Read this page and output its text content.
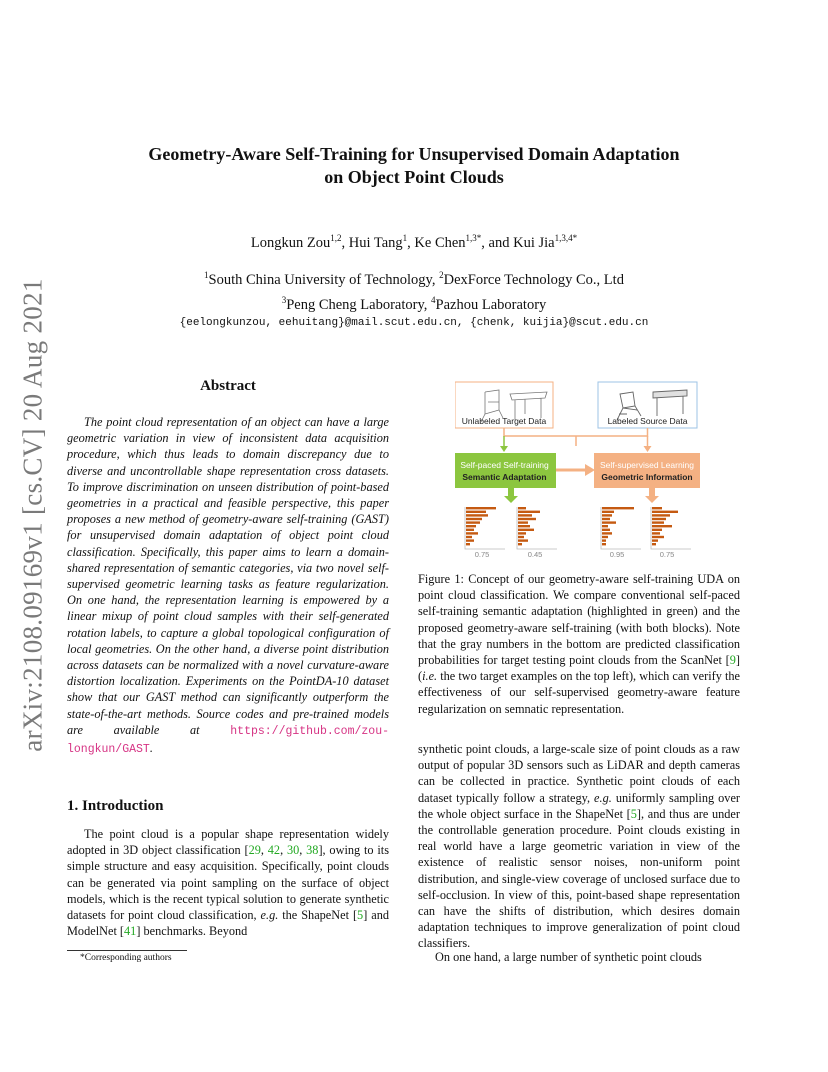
arXiv:2108.09169v1 [cs.CV] 20 Aug 2021
Geometry-Aware Self-Training for Unsupervised Domain Adaptation
on Object Point Clouds
Longkun Zou$^{1,2}$, Hui Tang$^1$, Ke Chen$^{1,3*}$, and Kui Jia$^{1,3,4*}$
$^1$South China University of Technology, $^2$DexForce Technology Co., Ltd
$^3$Peng Cheng Laboratory, $^4$Pazhou Laboratory
{eelongkunzou, eehuitang}@mail.scut.edu.cn, {chenk, kuijia}@scut.edu.cn
Abstract
The point cloud representation of an object can have a large geometric variation in view of inconsistent data acquisition procedure, which thus leads to domain discrepancy due to diverse and uncontrollable shape representation cross datasets. To improve discrimination on unseen distribution of point-based geometries in a practical and feasible perspective, this paper proposes a new method of geometry-aware self-training (GAST) for unsupervised domain adaptation of object point cloud classification. Specifically, this paper aims to learn a domain-shared representation of semantic categories, via two novel self-supervised geometric learning tasks as feature regularization. On one hand, the representation learning is empowered by a linear mixup of point cloud samples with their self-generated rotation labels, to capture a global topological configuration of local geometries. On the other hand, a diverse point distribution across datasets can be normalized with a novel curvature-aware distortion localization. Experiments on the PointDA-10 dataset show that our GAST method can significantly outperform the state-of-the-art methods. Source codes and pre-trained models are available at https://github.com/zou-longkun/GAST.
1. Introduction
The point cloud is a popular shape representation widely adopted in 3D object classification [29, 42, 30, 38], owing to its simple structure and easy acquisition. Specifically, point clouds can be generated via point sampling on the surface of object models, which is the recent typical solution to generate synthetic datasets for point cloud classification, e.g. the ShapeNet [5] and ModelNet [41] benchmarks. Beyond
*Corresponding authors
Unlabeled Target Data	Labeled Source Data
Self-paced Self-training
Semantic Adaptation
Self-supervised Learning
Geometric Information
0.75	0.45	0.95	0.75
Figure 1: Concept of our geometry-aware self-training UDA on point cloud classification. We compare conventional self-paced self-training semantic adaptation (highlighted in green) and the proposed geometry-aware self-training (with both blocks). Note that the gray numbers in the bottom are predicted classification probabilities for target testing point clouds from the ScanNet [9] (i.e. the two target examples on the top left), which can verify the effectiveness of our self-supervised geometry-aware feature regularization on semnatic representation.
synthetic point clouds, a large-scale size of point clouds as a raw output of popular 3D sensors such as LiDAR and depth cameras can be collected in practice. Synthetic point clouds of each dataset typically follow a strategy, e.g. uniformly sampling over the whole object surface in the ShapeNet [5], and thus are under the controllable generation procedure. Point clouds existing in real world have a large geometric variation in view of the existence of realistic sensor noises, non-uniform point distribution, and single-view coverage of unclosed surface due to self-occlusion. In view of this, point-based shape representation can have the shifts of distribution, which desires domain adaptation techniques to improve generalization of point cloud classifiers.
On one hand, a large number of synthetic point clouds
